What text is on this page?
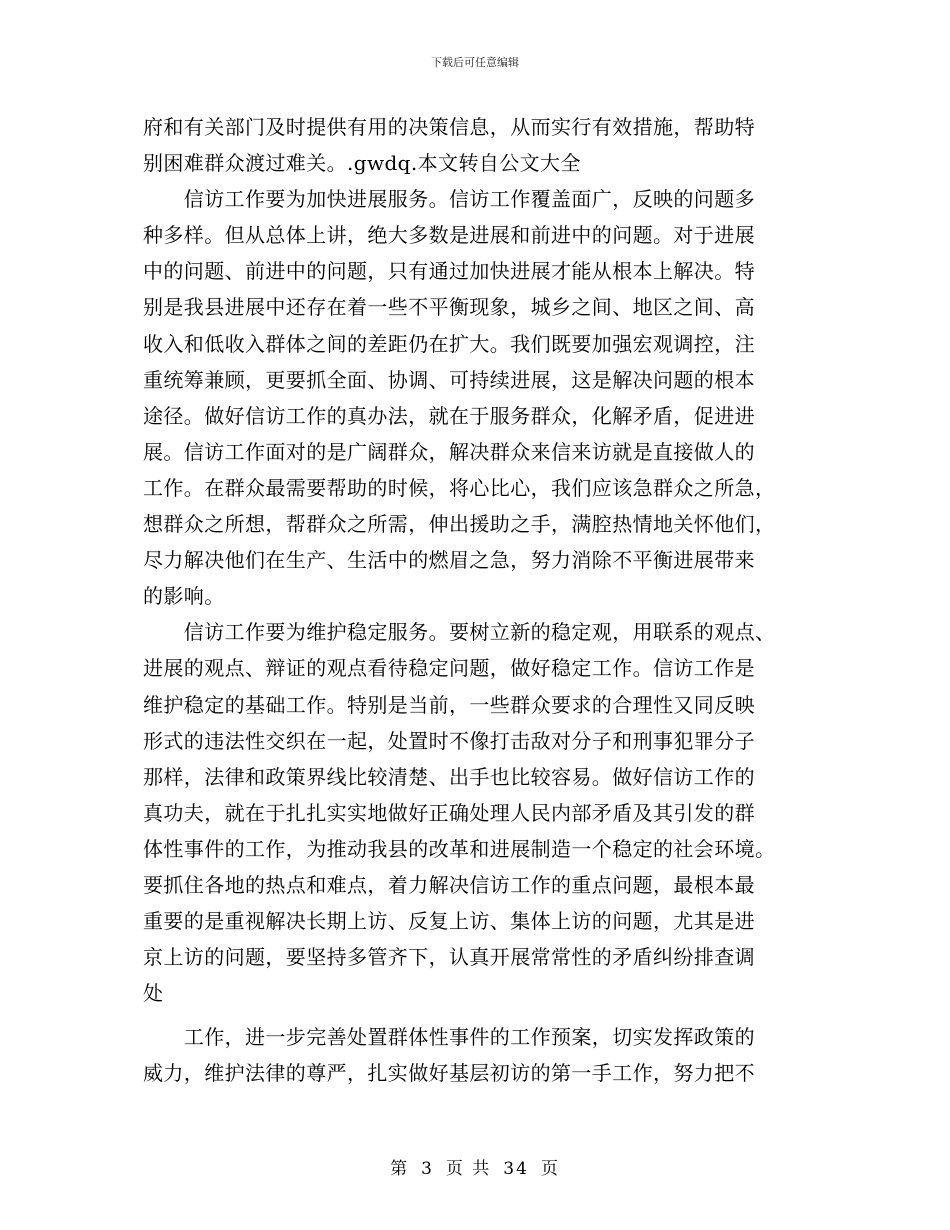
下载后可任意编辑
府和有关部门及时提供有用的决策信息，从而实行有效措施，帮助特
别困难群众渡过难关。.gwdq.本文转自公文大全
　　信访工作要为加快进展服务。信访工作覆盖面广，反映的问题多
种多样。但从总体上讲，绝大多数是进展和前进中的问题。对于进展
中的问题、前进中的问题，只有通过加快进展才能从根本上解决。特
别是我县进展中还存在着一些不平衡现象，城乡之间、地区之间、高
收入和低收入群体之间的差距仍在扩大。我们既要加强宏观调控，注
重统筹兼顾，更要抓全面、协调、可持续进展，这是解决问题的根本
途径。做好信访工作的真办法，就在于服务群众，化解矛盾，促进进
展。信访工作面对的是广阔群众，解决群众来信来访就是直接做人的
工作。在群众最需要帮助的时候，将心比心，我们应该急群众之所急，
想群众之所想，帮群众之所需，伸出援助之手，满腔热情地关怀他们，
尽力解决他们在生产、生活中的燃眉之急，努力消除不平衡进展带来
的影响。
　　信访工作要为维护稳定服务。要树立新的稳定观，用联系的观点、
进展的观点、辩证的观点看待稳定问题，做好稳定工作。信访工作是
维护稳定的基础工作。特别是当前，一些群众要求的合理性又同反映
形式的违法性交织在一起，处置时不像打击敌对分子和刑事犯罪分子
那样，法律和政策界线比较清楚、出手也比较容易。做好信访工作的
真功夫，就在于扎扎实实地做好正确处理人民内部矛盾及其引发的群
体性事件的工作，为推动我县的改革和进展制造一个稳定的社会环境。
要抓住各地的热点和难点，着力解决信访工作的重点问题，最根本最
重要的是重视解决长期上访、反复上访、集体上访的问题，尤其是进
京上访的问题，要坚持多管齐下，认真开展常常性的矛盾纠纷排查调
处
　　工作，进一步完善处置群体性事件的工作预案，切实发挥政策的
威力，维护法律的尊严，扎实做好基层初访的第一手工作，努力把不
第 3 页 共 34 页
